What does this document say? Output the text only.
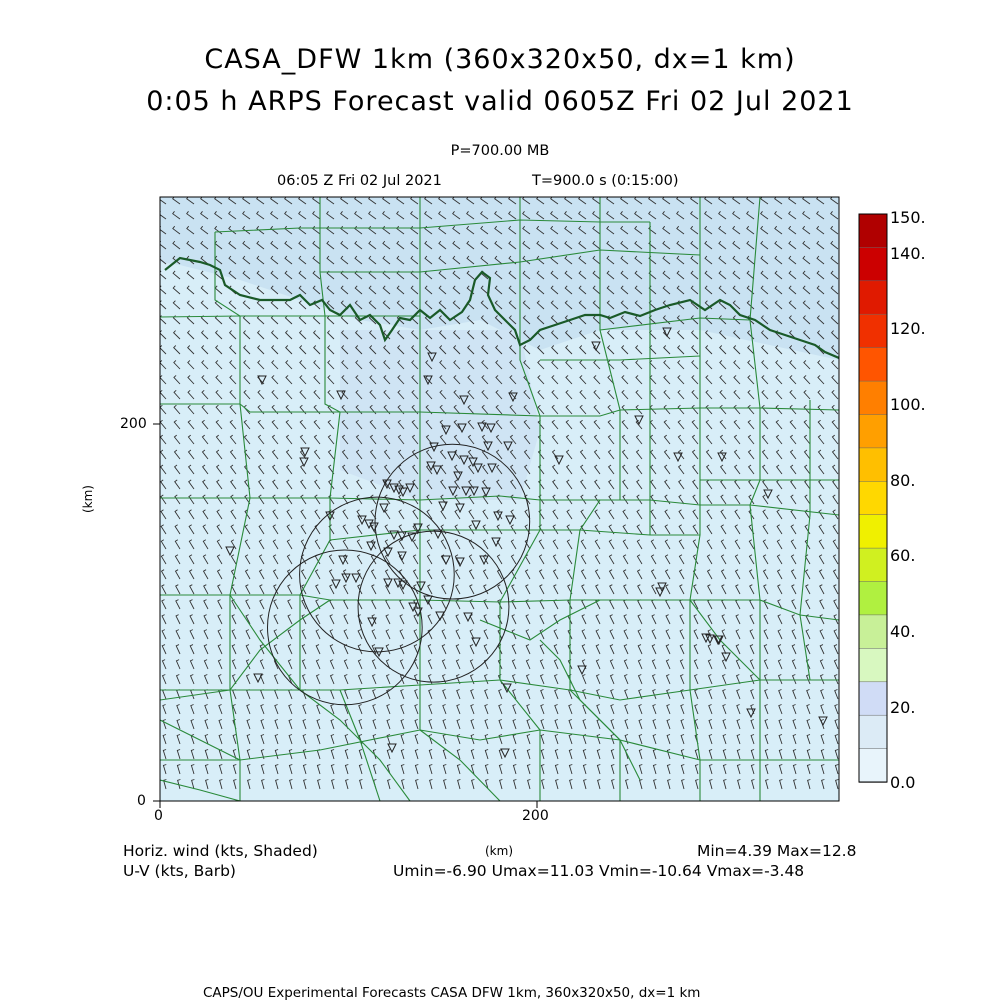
CASA_DFW 1km (360x320x50, dx=1 km)
0:05 h ARPS Forecast valid 0605Z Fri 02 Jul 2021
P=700.00 MB
06:05 Z Fri 02 Jul 2021	T=900.0 s (0:15:00)
0	200
0
200
(km)
(km)
150.
140.
120.
100.
80.
60.
40.
20.
0.0
Horiz. wind (kts, Shaded)
U-V (kts, Barb)
Min=4.39 Max=12.8
Umin=-6.90 Umax=11.03 Vmin=-10.64 Vmax=-3.48
CAPS/OU Experimental Forecasts CASA DFW 1km, 360x320x50, dx=1 km
